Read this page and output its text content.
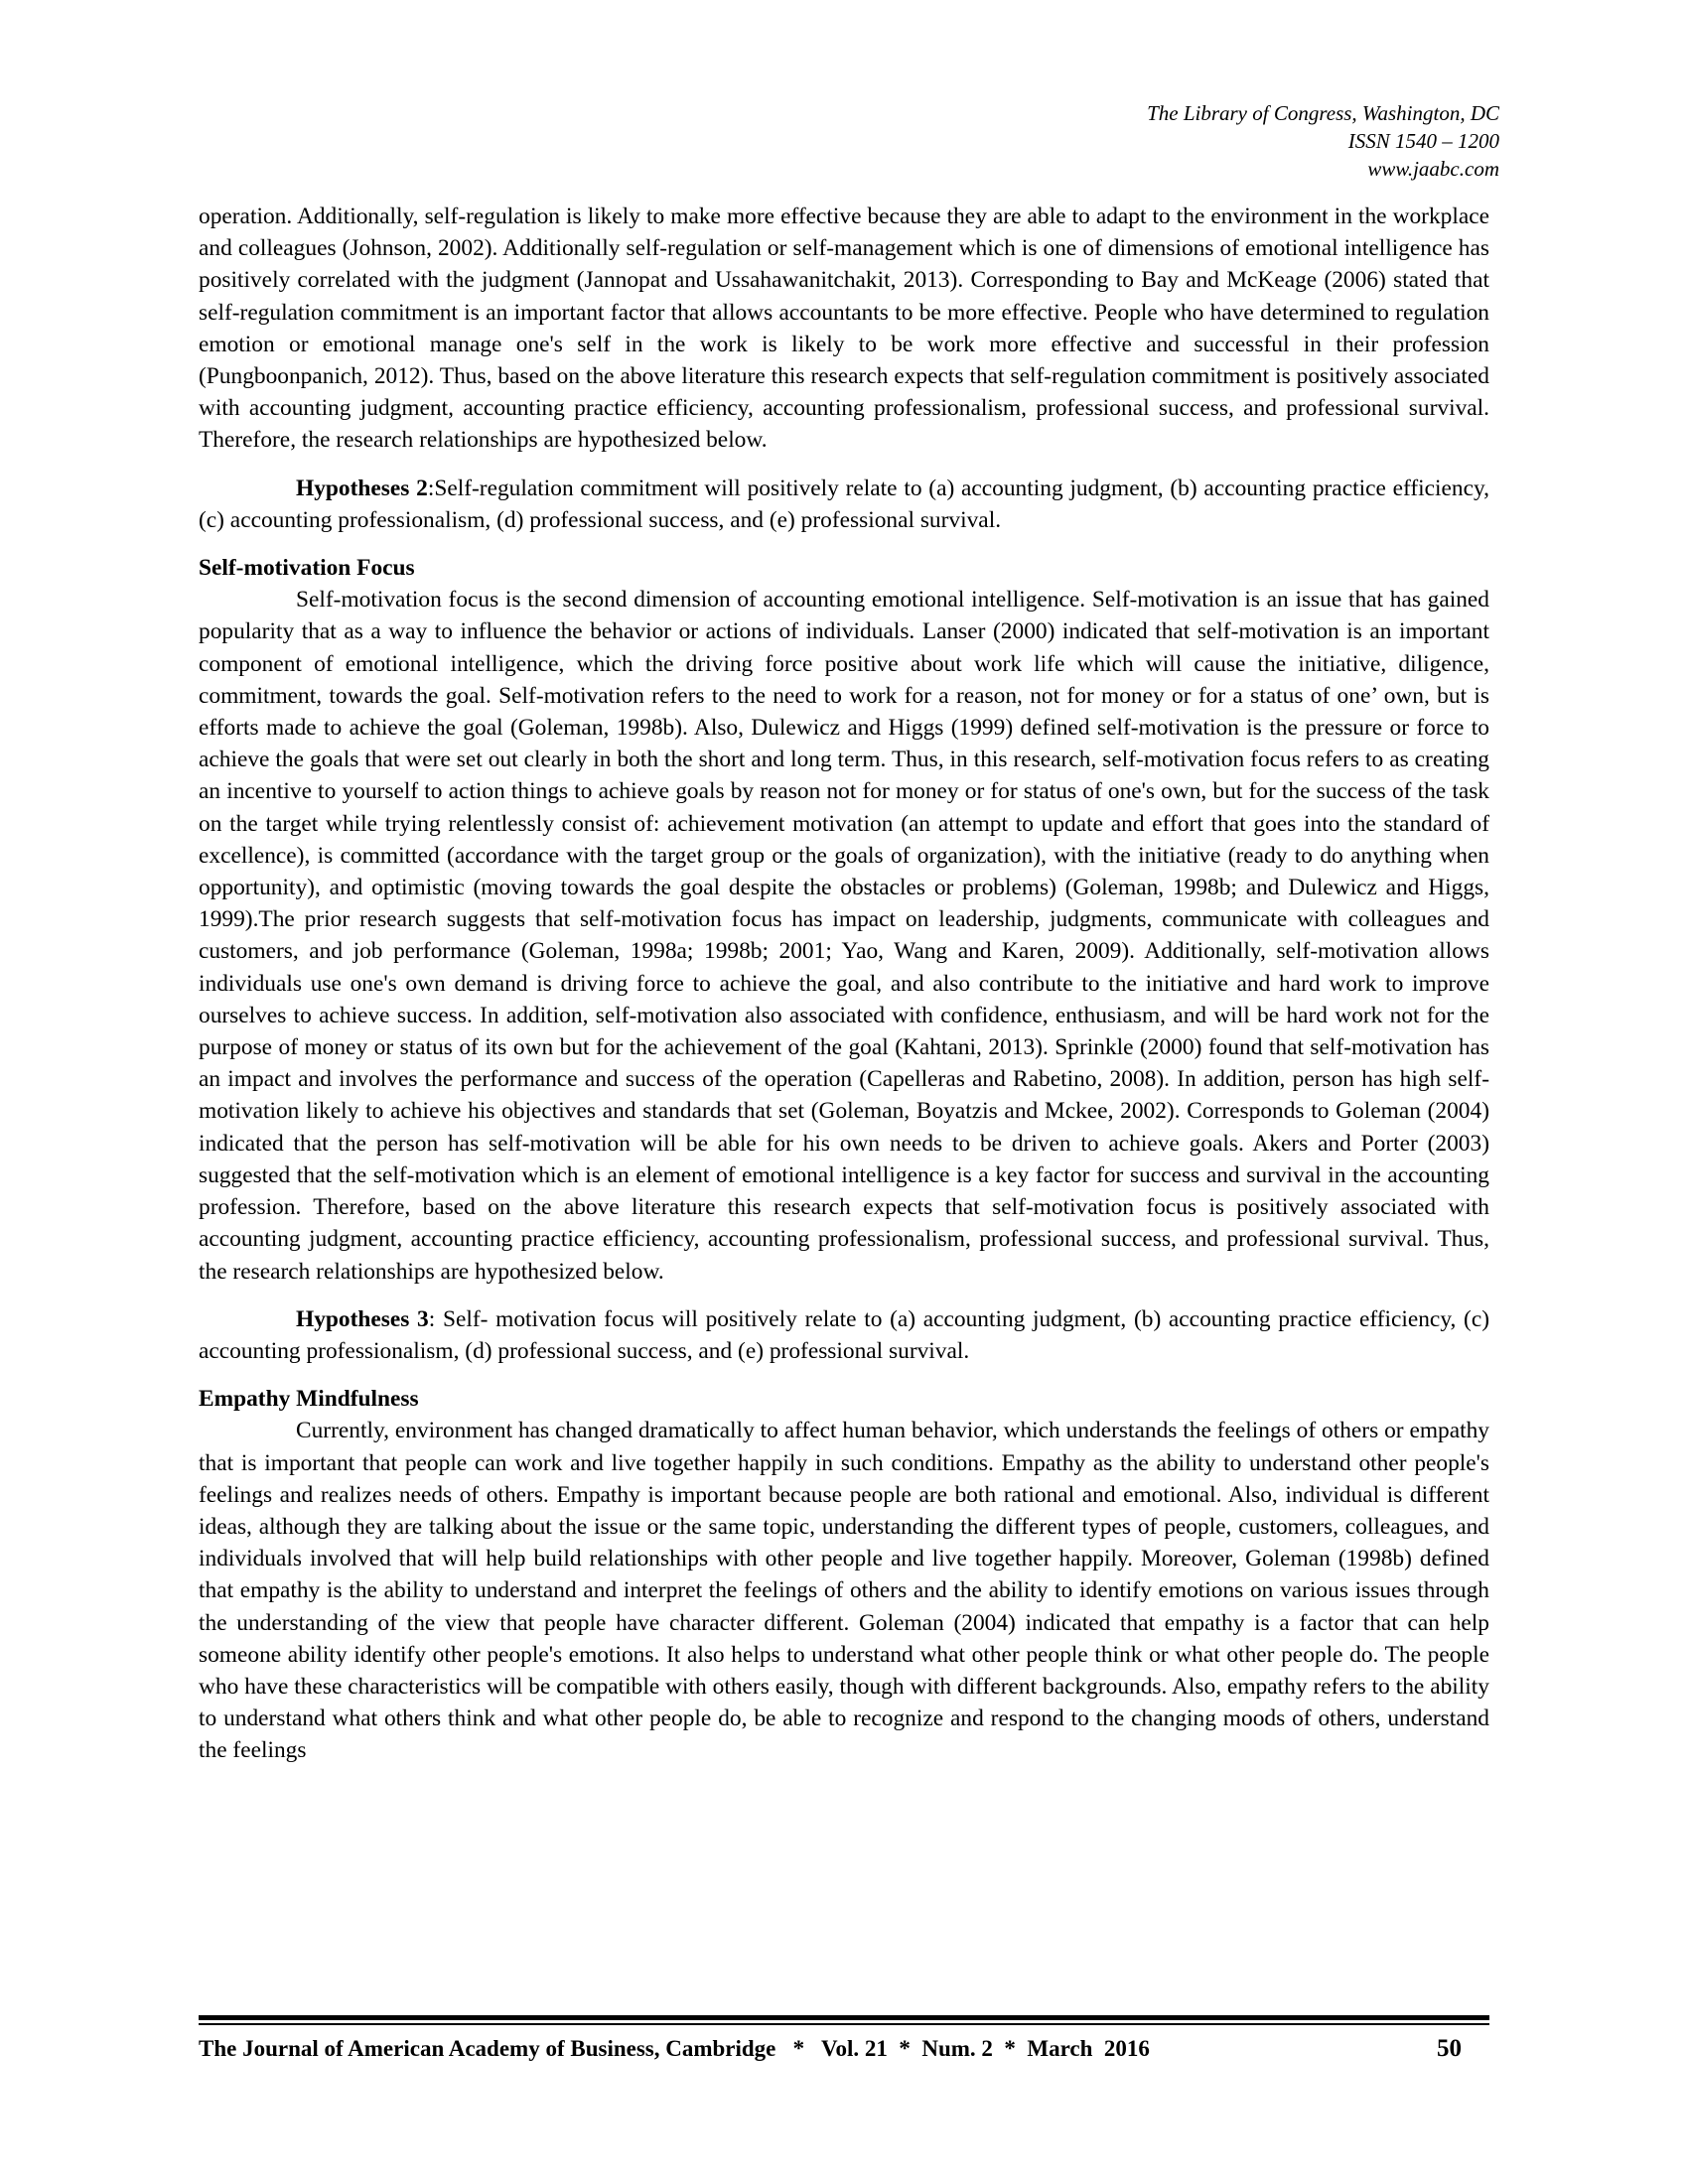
The Library of Congress, Washington, DC
ISSN 1540 – 1200
www.jaabc.com

operation. Additionally, self-regulation is likely to make more effective because they are able to adapt to the environment in the workplace and colleagues (Johnson, 2002). Additionally self-regulation or self-management which is one of dimensions of emotional intelligence has positively correlated with the judgment (Jannopat and Ussahawanitchakit, 2013). Corresponding to Bay and McKeage (2006) stated that self-regulation commitment is an important factor that allows accountants to be more effective. People who have determined to regulation emotion or emotional manage one's self in the work is likely to be work more effective and successful in their profession (Pungboonpanich, 2012). Thus, based on the above literature this research expects that self-regulation commitment is positively associated with accounting judgment, accounting practice efficiency, accounting professionalism, professional success, and professional survival. Therefore, the research relationships are hypothesized below.

Hypotheses 2:Self-regulation commitment will positively relate to (a) accounting judgment, (b) accounting practice efficiency, (c) accounting professionalism, (d) professional success, and (e) professional survival.

Self-motivation Focus

Self-motivation focus is the second dimension of accounting emotional intelligence. Self-motivation is an issue that has gained popularity that as a way to influence the behavior or actions of individuals. Lanser (2000) indicated that self-motivation is an important component of emotional intelligence, which the driving force positive about work life which will cause the initiative, diligence, commitment, towards the goal. Self-motivation refers to the need to work for a reason, not for money or for a status of one’ own, but is efforts made to achieve the goal (Goleman, 1998b). Also, Dulewicz and Higgs (1999) defined self-motivation is the pressure or force to achieve the goals that were set out clearly in both the short and long term. Thus, in this research, self-motivation focus refers to as creating an incentive to yourself to action things to achieve goals by reason not for money or for status of one's own, but for the success of the task on the target while trying relentlessly consist of: achievement motivation (an attempt to update and effort that goes into the standard of excellence), is committed (accordance with the target group or the goals of organization), with the initiative (ready to do anything when opportunity), and optimistic (moving towards the goal despite the obstacles or problems) (Goleman, 1998b; and Dulewicz and Higgs, 1999).The prior research suggests that self-motivation focus has impact on leadership, judgments, communicate with colleagues and customers, and job performance (Goleman, 1998a; 1998b; 2001; Yao, Wang and Karen, 2009). Additionally, self-motivation allows individuals use one's own demand is driving force to achieve the goal, and also contribute to the initiative and hard work to improve ourselves to achieve success. In addition, self-motivation also associated with confidence, enthusiasm, and will be hard work not for the purpose of money or status of its own but for the achievement of the goal (Kahtani, 2013). Sprinkle (2000) found that self-motivation has an impact and involves the performance and success of the operation (Capelleras and Rabetino, 2008). In addition, person has high self-motivation likely to achieve his objectives and standards that set (Goleman, Boyatzis and Mckee, 2002). Corresponds to Goleman (2004) indicated that the person has self-motivation will be able for his own needs to be driven to achieve goals. Akers and Porter (2003) suggested that the self-motivation which is an element of emotional intelligence is a key factor for success and survival in the accounting profession. Therefore, based on the above literature this research expects that self-motivation focus is positively associated with accounting judgment, accounting practice efficiency, accounting professionalism, professional success, and professional survival. Thus, the research relationships are hypothesized below.

Hypotheses 3: Self- motivation focus will positively relate to (a) accounting judgment, (b) accounting practice efficiency, (c) accounting professionalism, (d) professional success, and (e) professional survival.

Empathy Mindfulness

Currently, environment has changed dramatically to affect human behavior, which understands the feelings of others or empathy that is important that people can work and live together happily in such conditions. Empathy as the ability to understand other people's feelings and realizes needs of others. Empathy is important because people are both rational and emotional. Also, individual is different ideas, although they are talking about the issue or the same topic, understanding the different types of people, customers, colleagues, and individuals involved that will help build relationships with other people and live together happily. Moreover, Goleman (1998b) defined that empathy is the ability to understand and interpret the feelings of others and the ability to identify emotions on various issues through the understanding of the view that people have character different. Goleman (2004) indicated that empathy is a factor that can help someone ability identify other people's emotions. It also helps to understand what other people think or what other people do. The people who have these characteristics will be compatible with others easily, though with different backgrounds. Also, empathy refers to the ability to understand what others think and what other people do, be able to recognize and respond to the changing moods of others, understand the feelings

The Journal of American Academy of Business, Cambridge   *   Vol. 21  *  Num. 2  *  March  2016	50
